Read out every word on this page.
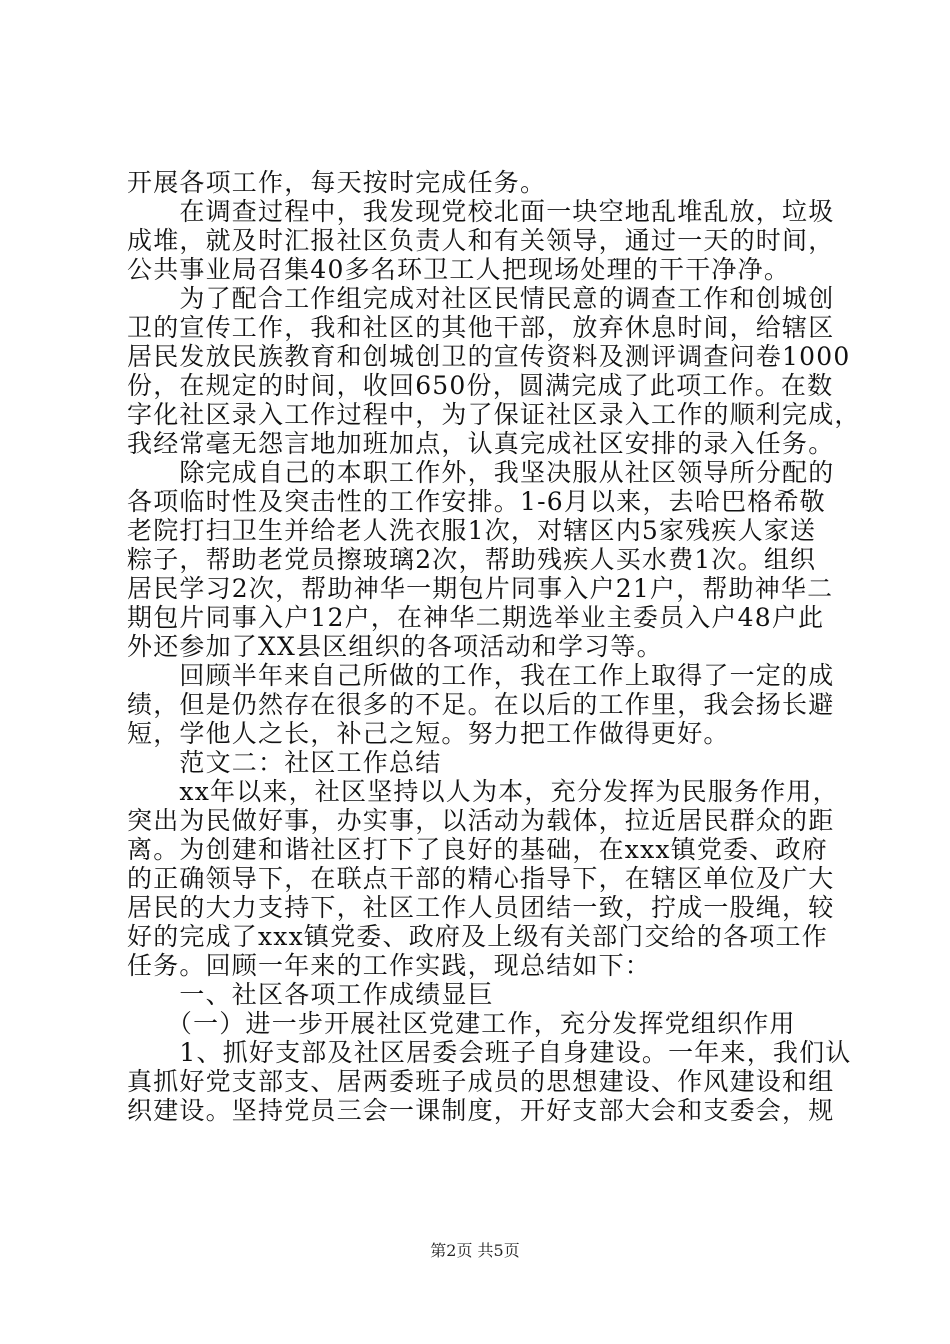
开展各项工作，每天按时完成任务。
　　在调查过程中，我发现党校北面一块空地乱堆乱放，垃圾
成堆，就及时汇报社区负责人和有关领导，通过一天的时间，
公共事业局召集40多名环卫工人把现场处理的干干净净。
　　为了配合工作组完成对社区民情民意的调查工作和创城创
卫的宣传工作，我和社区的其他干部，放弃休息时间，给辖区
居民发放民族教育和创城创卫的宣传资料及测评调查问卷1000
份，在规定的时间，收回650份，圆满完成了此项工作。在数
字化社区录入工作过程中，为了保证社区录入工作的顺利完成，
我经常毫无怨言地加班加点，认真完成社区安排的录入任务。
　　除完成自己的本职工作外，我坚决服从社区领导所分配的
各项临时性及突击性的工作安排。1-6月以来，去哈巴格希敬
老院打扫卫生并给老人洗衣服1次，对辖区内5家残疾人家送
粽子，帮助老党员擦玻璃2次，帮助残疾人买水费1次。组织
居民学习2次，帮助神华一期包片同事入户21户，帮助神华二
期包片同事入户12户，在神华二期选举业主委员入户48户此
外还参加了XX县区组织的各项活动和学习等。
　　回顾半年来自己所做的工作，我在工作上取得了一定的成
绩，但是仍然存在很多的不足。在以后的工作里，我会扬长避
短，学他人之长，补己之短。努力把工作做得更好。
　　范文二：社区工作总结
　　xx年以来，社区坚持以人为本，充分发挥为民服务作用，
突出为民做好事，办实事，以活动为载体，拉近居民群众的距
离。为创建和谐社区打下了良好的基础，在xxx镇党委、政府
的正确领导下，在联点干部的精心指导下，在辖区单位及广大
居民的大力支持下，社区工作人员团结一致，拧成一股绳，较
好的完成了xxx镇党委、政府及上级有关部门交给的各项工作
任务。回顾一年来的工作实践，现总结如下：
　　一、社区各项工作成绩显巨
　　（一）进一步开展社区党建工作，充分发挥党组织作用
　　1、抓好支部及社区居委会班子自身建设。一年来，我们认
真抓好党支部支、居两委班子成员的思想建设、作风建设和组
织建设。坚持党员三会一课制度，开好支部大会和支委会，规
第2页 共5页
